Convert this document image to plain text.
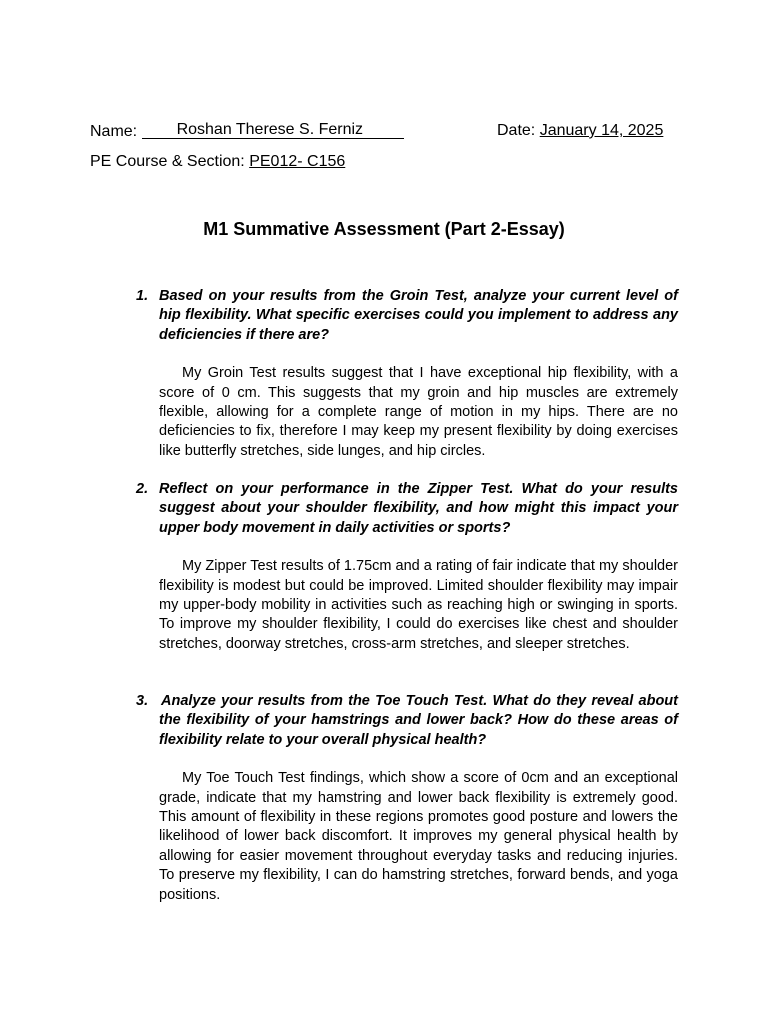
Name: Roshan Therese S. Ferniz	Date: January 14, 2025
PE Course & Section: PE012- C156
M1 Summative Assessment (Part 2-Essay)
1. Based on your results from the Groin Test, analyze your current level of hip flexibility. What specific exercises could you implement to address any deficiencies if there are?
My Groin Test results suggest that I have exceptional hip flexibility, with a score of 0 cm. This suggests that my groin and hip muscles are extremely flexible, allowing for a complete range of motion in my hips. There are no deficiencies to fix, therefore I may keep my present flexibility by doing exercises like butterfly stretches, side lunges, and hip circles.
2. Reflect on your performance in the Zipper Test. What do your results suggest about your shoulder flexibility, and how might this impact your upper body movement in daily activities or sports?
My Zipper Test results of 1.75cm and a rating of fair indicate that my shoulder flexibility is modest but could be improved. Limited shoulder flexibility may impair my upper-body mobility in activities such as reaching high or swinging in sports. To improve my shoulder flexibility, I could do exercises like chest and shoulder stretches, doorway stretches, cross-arm stretches, and sleeper stretches.
3. Analyze your results from the Toe Touch Test. What do they reveal about the flexibility of your hamstrings and lower back? How do these areas of flexibility relate to your overall physical health?
My Toe Touch Test findings, which show a score of 0cm and an exceptional grade, indicate that my hamstring and lower back flexibility is extremely good. This amount of flexibility in these regions promotes good posture and lowers the likelihood of lower back discomfort. It improves my general physical health by allowing for easier movement throughout everyday tasks and reducing injuries. To preserve my flexibility, I can do hamstring stretches, forward bends, and yoga positions.
